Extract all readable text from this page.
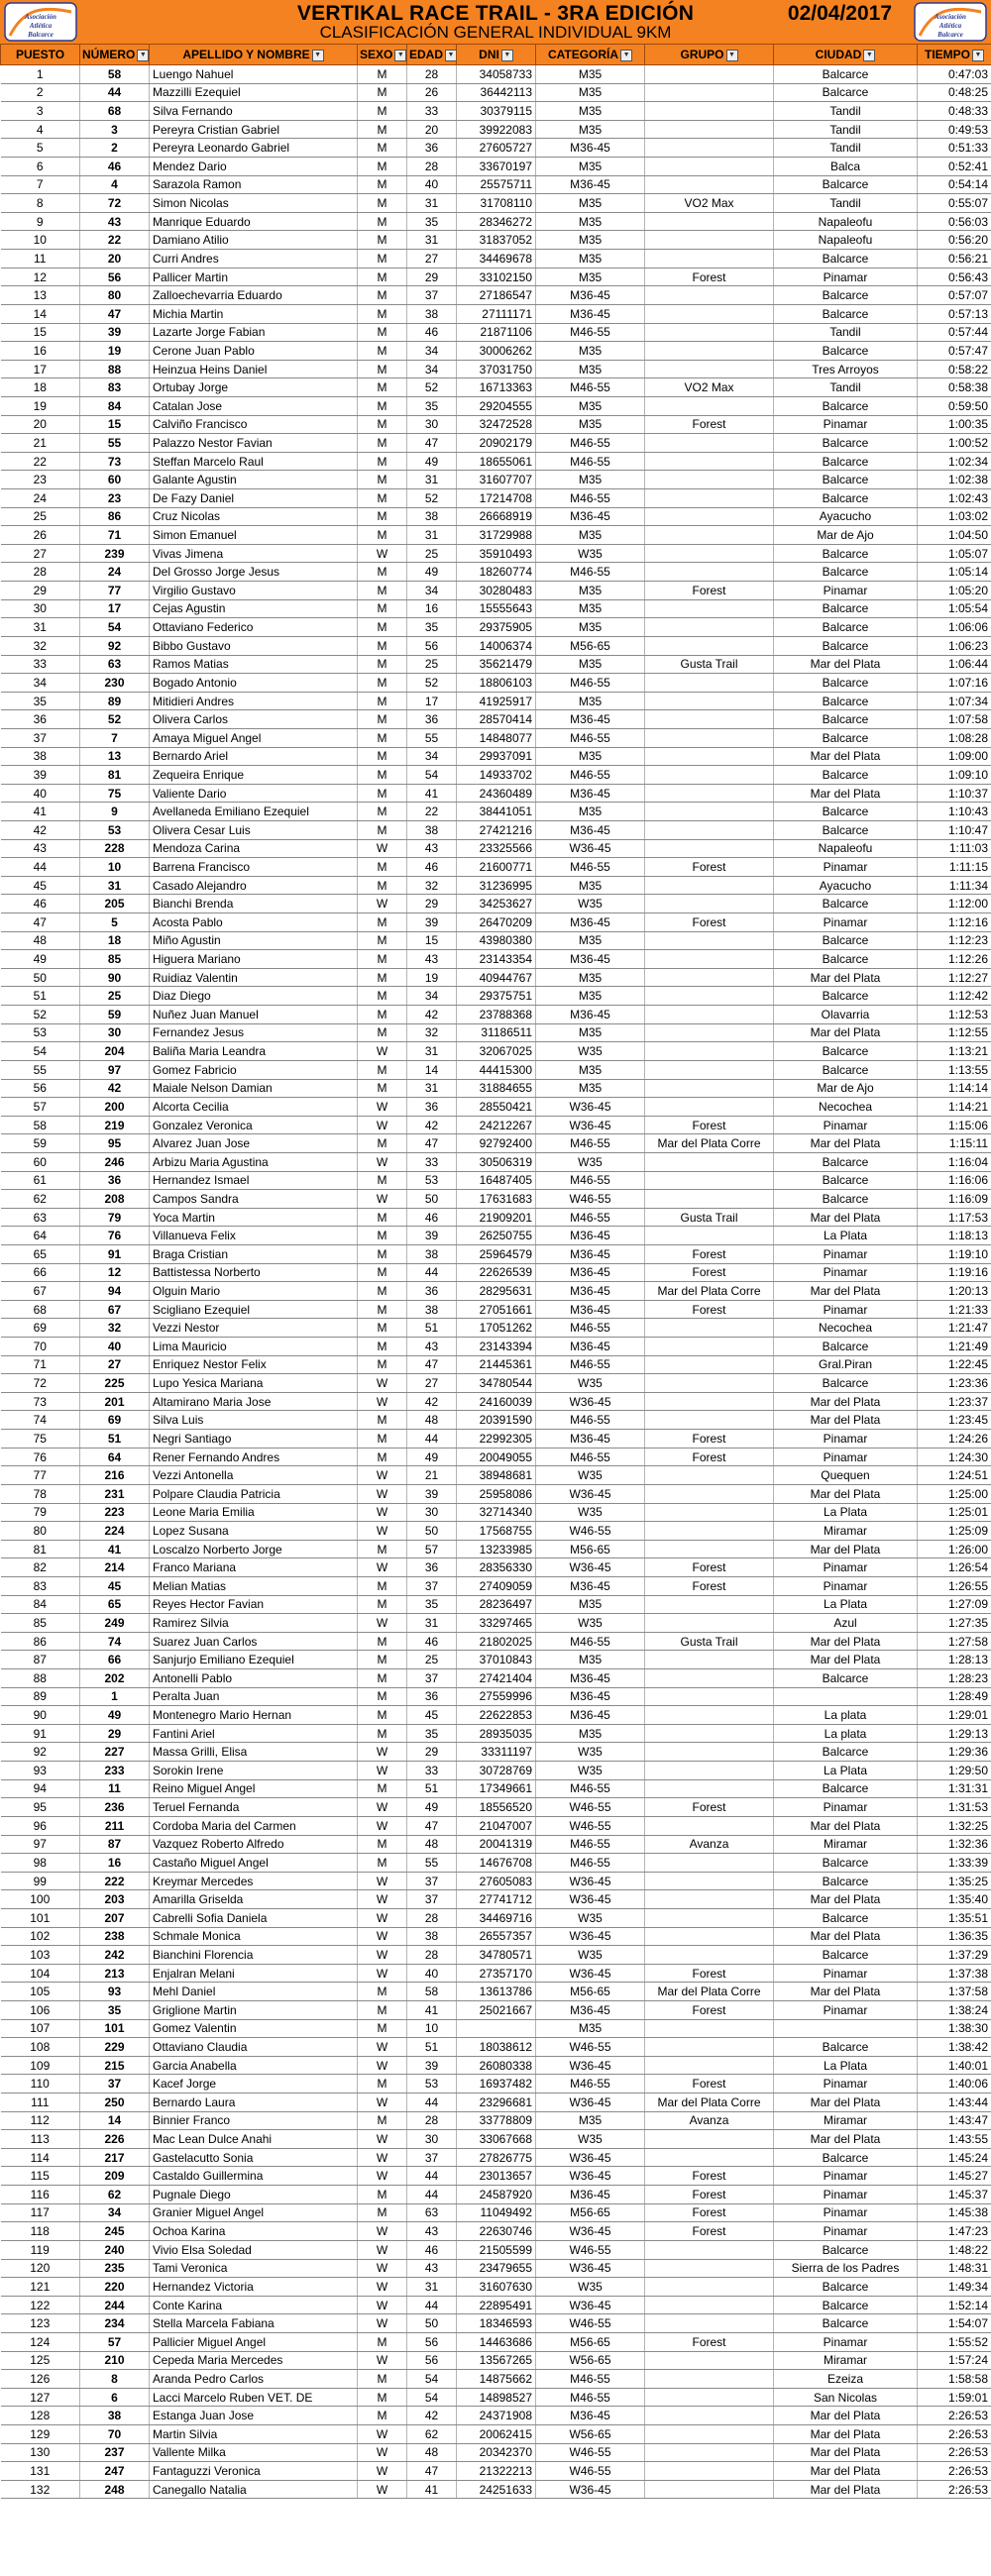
Asociación
Atlética
Balcarce
VERTIKAL RACE TRAIL - 3RA EDICIÓN	02/04/2017
CLASIFICACIÓN GENERAL INDIVIDUAL 9KM
Asociación
Atlética
Balcarce
PUESTO	NÚMERO ▼	APELLIDO Y NOMBRE ▼	SEXO ▼	EDAD ▼	DNI ▼	CATEGORÍA ▼	GRUPO ▼	CIUDAD ▼	TIEMPO ▼
1	58	Luengo Nahuel	M	28	34058733	M35		Balcarce	0:47:03
2	44	Mazzilli Ezequiel	M	26	36442113	M35		Balcarce	0:48:25
3	68	Silva Fernando	M	33	30379115	M35		Tandil	0:48:33
4	3	Pereyra Cristian Gabriel	M	20	39922083	M35		Tandil	0:49:53
5	2	Pereyra Leonardo Gabriel	M	36	27605727	M36-45		Tandil	0:51:33
6	46	Mendez Dario	M	28	33670197	M35		Balca	0:52:41
7	4	Sarazola Ramon	M	40	25575711	M36-45		Balcarce	0:54:14
8	72	Simon Nicolas	M	31	31708110	M35	VO2 Max	Tandil	0:55:07
9	43	Manrique Eduardo	M	35	28346272	M35		Napaleofu	0:56:03
10	22	Damiano Atilio	M	31	31837052	M35		Napaleofu	0:56:20
11	20	Curri Andres	M	27	34469678	M35		Balcarce	0:56:21
12	56	Pallicer Martin	M	29	33102150	M35	Forest	Pinamar	0:56:43
13	80	Zalloechevarria Eduardo	M	37	27186547	M36-45		Balcarce	0:57:07
14	47	Michia Martin	M	38	27111171	M36-45		Balcarce	0:57:13
15	39	Lazarte Jorge Fabian	M	46	21871106	M46-55		Tandil	0:57:44
16	19	Cerone Juan Pablo	M	34	30006262	M35		Balcarce	0:57:47
17	88	Heinzua Heins Daniel	M	34	37031750	M35		Tres Arroyos	0:58:22
18	83	Ortubay Jorge	M	52	16713363	M46-55	VO2 Max	Tandil	0:58:38
19	84	Catalan Jose	M	35	29204555	M35		Balcarce	0:59:50
20	15	Calviño Francisco	M	30	32472528	M35	Forest	Pinamar	1:00:35
21	55	Palazzo Nestor Favian	M	47	20902179	M46-55		Balcarce	1:00:52
22	73	Steffan Marcelo Raul	M	49	18655061	M46-55		Balcarce	1:02:34
23	60	Galante Agustin	M	31	31607707	M35		Balcarce	1:02:38
24	23	De Fazy Daniel	M	52	17214708	M46-55		Balcarce	1:02:43
25	86	Cruz Nicolas	M	38	26668919	M36-45		Ayacucho	1:03:02
26	71	Simon Emanuel	M	31	31729988	M35		Mar de Ajo	1:04:50
27	239	Vivas Jimena	W	25	35910493	W35		Balcarce	1:05:07
28	24	Del Grosso Jorge Jesus	M	49	18260774	M46-55		Balcarce	1:05:14
29	77	Virgilio Gustavo	M	34	30280483	M35	Forest	Pinamar	1:05:20
30	17	Cejas Agustin	M	16	15555643	M35		Balcarce	1:05:54
31	54	Ottaviano Federico	M	35	29375905	M35		Balcarce	1:06:06
32	92	Bibbo Gustavo	M	56	14006374	M56-65		Balcarce	1:06:23
33	63	Ramos Matias	M	25	35621479	M35	Gusta Trail	Mar del Plata	1:06:44
34	230	Bogado Antonio	M	52	18806103	M46-55		Balcarce	1:07:16
35	89	Mitidieri Andres	M	17	41925917	M35		Balcarce	1:07:34
36	52	Olivera Carlos	M	36	28570414	M36-45		Balcarce	1:07:58
37	7	Amaya Miguel Angel	M	55	14848077	M46-55		Balcarce	1:08:28
38	13	Bernardo Ariel	M	34	29937091	M35		Mar del Plata	1:09:00
39	81	Zequeira Enrique	M	54	14933702	M46-55		Balcarce	1:09:10
40	75	Valiente Dario	M	41	24360489	M36-45		Mar del Plata	1:10:37
41	9	Avellaneda Emiliano Ezequiel	M	22	38441051	M35		Balcarce	1:10:43
42	53	Olivera Cesar Luis	M	38	27421216	M36-45		Balcarce	1:10:47
43	228	Mendoza Carina	W	43	23325566	W36-45		Napaleofu	1:11:03
44	10	Barrena Francisco	M	46	21600771	M46-55	Forest	Pinamar	1:11:15
45	31	Casado Alejandro	M	32	31236995	M35		Ayacucho	1:11:34
46	205	Bianchi Brenda	W	29	34253627	W35		Balcarce	1:12:00
47	5	Acosta Pablo	M	39	26470209	M36-45	Forest	Pinamar	1:12:16
48	18	Miño Agustin	M	15	43980380	M35		Balcarce	1:12:23
49	85	Higuera Mariano	M	43	23143354	M36-45		Balcarce	1:12:26
50	90	Ruidiaz Valentin	M	19	40944767	M35		Mar del Plata	1:12:27
51	25	Diaz Diego	M	34	29375751	M35		Balcarce	1:12:42
52	59	Nuñez Juan Manuel	M	42	23788368	M36-45		Olavarria	1:12:53
53	30	Fernandez Jesus	M	32	31186511	M35		Mar del Plata	1:12:55
54	204	Baliña Maria Leandra	W	31	32067025	W35		Balcarce	1:13:21
55	97	Gomez Fabricio	M	14	44415300	M35		Balcarce	1:13:55
56	42	Maiale Nelson Damian	M	31	31884655	M35		Mar de Ajo	1:14:14
57	200	Alcorta Cecilia	W	36	28550421	W36-45		Necochea	1:14:21
58	219	Gonzalez Veronica	W	42	24212267	W36-45	Forest	Pinamar	1:15:06
59	95	Alvarez Juan Jose	M	47	92792400	M46-55	Mar del Plata Corre	Mar del Plata	1:15:11
60	246	Arbizu Maria Agustina	W	33	30506319	W35		Balcarce	1:16:04
61	36	Hernandez Ismael	M	53	16487405	M46-55		Balcarce	1:16:06
62	208	Campos Sandra	W	50	17631683	W46-55		Balcarce	1:16:09
63	79	Yoca Martin	M	46	21909201	M46-55	Gusta Trail	Mar del Plata	1:17:53
64	76	Villanueva Felix	M	39	26250755	M36-45		La Plata	1:18:13
65	91	Braga Cristian	M	38	25964579	M36-45	Forest	Pinamar	1:19:10
66	12	Battistessa Norberto	M	44	22626539	M36-45	Forest	Pinamar	1:19:16
67	94	Olguin Mario	M	36	28295631	M36-45	Mar del Plata Corre	Mar del Plata	1:20:13
68	67	Scigliano Ezequiel	M	38	27051661	M36-45	Forest	Pinamar	1:21:33
69	32	Vezzi Nestor	M	51	17051262	M46-55		Necochea	1:21:47
70	40	Lima Mauricio	M	43	23143394	M36-45		Balcarce	1:21:49
71	27	Enriquez Nestor Felix	M	47	21445361	M46-55		Gral.Piran	1:22:45
72	225	Lupo Yesica Mariana	W	27	34780544	W35		Balcarce	1:23:36
73	201	Altamirano Maria Jose	W	42	24160039	W36-45		Mar del Plata	1:23:37
74	69	Silva Luis	M	48	20391590	M46-55		Mar del Plata	1:23:45
75	51	Negri Santiago	M	44	22992305	M36-45	Forest	Pinamar	1:24:26
76	64	Rener Fernando Andres	M	49	20049055	M46-55	Forest	Pinamar	1:24:30
77	216	Vezzi Antonella	W	21	38948681	W35		Quequen	1:24:51
78	231	Polpare Claudia Patricia	W	39	25958086	W36-45		Mar del Plata	1:25:00
79	223	Leone Maria Emilia	W	30	32714340	W35		La Plata	1:25:01
80	224	Lopez Susana	W	50	17568755	W46-55		Miramar	1:25:09
81	41	Loscalzo Norberto Jorge	M	57	13233985	M56-65		Mar del Plata	1:26:00
82	214	Franco Mariana	W	36	28356330	W36-45	Forest	Pinamar	1:26:54
83	45	Melian Matias	M	37	27409059	M36-45	Forest	Pinamar	1:26:55
84	65	Reyes Hector Favian	M	35	28236497	M35		La Plata	1:27:09
85	249	Ramirez Silvia	W	31	33297465	W35		Azul	1:27:35
86	74	Suarez Juan Carlos	M	46	21802025	M46-55	Gusta Trail	Mar del Plata	1:27:58
87	66	Sanjurjo Emiliano Ezequiel	M	25	37010843	M35		Mar del Plata	1:28:13
88	202	Antonelli Pablo	M	37	27421404	M36-45		Balcarce	1:28:23
89	1	Peralta Juan	M	36	27559996	M36-45			1:28:49
90	49	Montenegro Mario Hernan	M	45	22622853	M36-45		La plata	1:29:01
91	29	Fantini Ariel	M	35	28935035	M35		La plata	1:29:13
92	227	Massa Grilli, Elisa	W	29	33311197	W35		Balcarce	1:29:36
93	233	Sorokin Irene	W	33	30728769	W35		La Plata	1:29:50
94	11	Reino Miguel Angel	M	51	17349661	M46-55		Balcarce	1:31:31
95	236	Teruel Fernanda	W	49	18556520	W46-55	Forest	Pinamar	1:31:53
96	211	Cordoba Maria del Carmen	W	47	21047007	W46-55		Mar del Plata	1:32:25
97	87	Vazquez Roberto Alfredo	M	48	20041319	M46-55	Avanza	Miramar	1:32:36
98	16	Castaño Miguel Angel	M	55	14676708	M46-55		Balcarce	1:33:39
99	222	Kreymar Mercedes	W	37	27605083	W36-45		Balcarce	1:35:25
100	203	Amarilla Griselda	W	37	27741712	W36-45		Mar del Plata	1:35:40
101	207	Cabrelli Sofia Daniela	W	28	34469716	W35		Balcarce	1:35:51
102	238	Schmale Monica	W	38	26557357	W36-45		Mar del Plata	1:36:35
103	242	Bianchini Florencia	W	28	34780571	W35		Balcarce	1:37:29
104	213	Enjalran Melani	W	40	27357170	W36-45	Forest	Pinamar	1:37:38
105	93	Mehl Daniel	M	58	13613786	M56-65	Mar del Plata Corre	Mar del Plata	1:37:58
106	35	Griglione Martin	M	41	25021667	M36-45	Forest	Pinamar	1:38:24
107	101	Gomez Valentin	M	10		M35			1:38:30
108	229	Ottaviano Claudia	W	51	18038612	W46-55		Balcarce	1:38:42
109	215	Garcia Anabella	W	39	26080338	W36-45		La Plata	1:40:01
110	37	Kacef Jorge	M	53	16937482	M46-55	Forest	Pinamar	1:40:06
111	250	Bernardo Laura	W	44	23296681	W36-45	Mar del Plata Corre	Mar del Plata	1:43:44
112	14	Binnier Franco	M	28	33778809	M35	Avanza	Miramar	1:43:47
113	226	Mac Lean Dulce Anahi	W	30	33067668	W35		Mar del Plata	1:43:55
114	217	Gastelacutto Sonia	W	37	27826775	W36-45		Balcarce	1:45:24
115	209	Castaldo Guillermina	W	44	23013657	W36-45	Forest	Pinamar	1:45:27
116	62	Pugnale Diego	M	44	24587920	M36-45	Forest	Pinamar	1:45:37
117	34	Granier Miguel Angel	M	63	11049492	M56-65	Forest	Pinamar	1:45:38
118	245	Ochoa Karina	W	43	22630746	W36-45	Forest	Pinamar	1:47:23
119	240	Vivio Elsa Soledad	W	46	21505599	W46-55		Balcarce	1:48:22
120	235	Tami Veronica	W	43	23479655	W36-45		Sierra de los Padres	1:48:31
121	220	Hernandez Victoria	W	31	31607630	W35		Balcarce	1:49:34
122	244	Conte Karina	W	44	22895491	W36-45		Balcarce	1:52:14
123	234	Stella Marcela Fabiana	W	50	18346593	W46-55		Balcarce	1:54:07
124	57	Pallicier Miguel Angel	M	56	14463686	M56-65	Forest	Pinamar	1:55:52
125	210	Cepeda Maria Mercedes	W	56	13567265	W56-65		Miramar	1:57:24
126	8	Aranda Pedro Carlos	M	54	14875662	M46-55		Ezeiza	1:58:58
127	6	Lacci Marcelo Ruben VET. DE	M	54	14898527	M46-55		San Nicolas	1:59:01
128	38	Estanga Juan Jose	M	42	24371908	M36-45		Mar del Plata	2:26:53
129	70	Martin Silvia	W	62	20062415	W56-65		Mar del Plata	2:26:53
130	237	Vallente Milka	W	48	20342370	W46-55		Mar del Plata	2:26:53
131	247	Fantaguzzi Veronica	W	47	21322213	W46-55		Mar del Plata	2:26:53
132	248	Canegallo Natalia	W	41	24251633	W36-45		Mar del Plata	2:26:53
